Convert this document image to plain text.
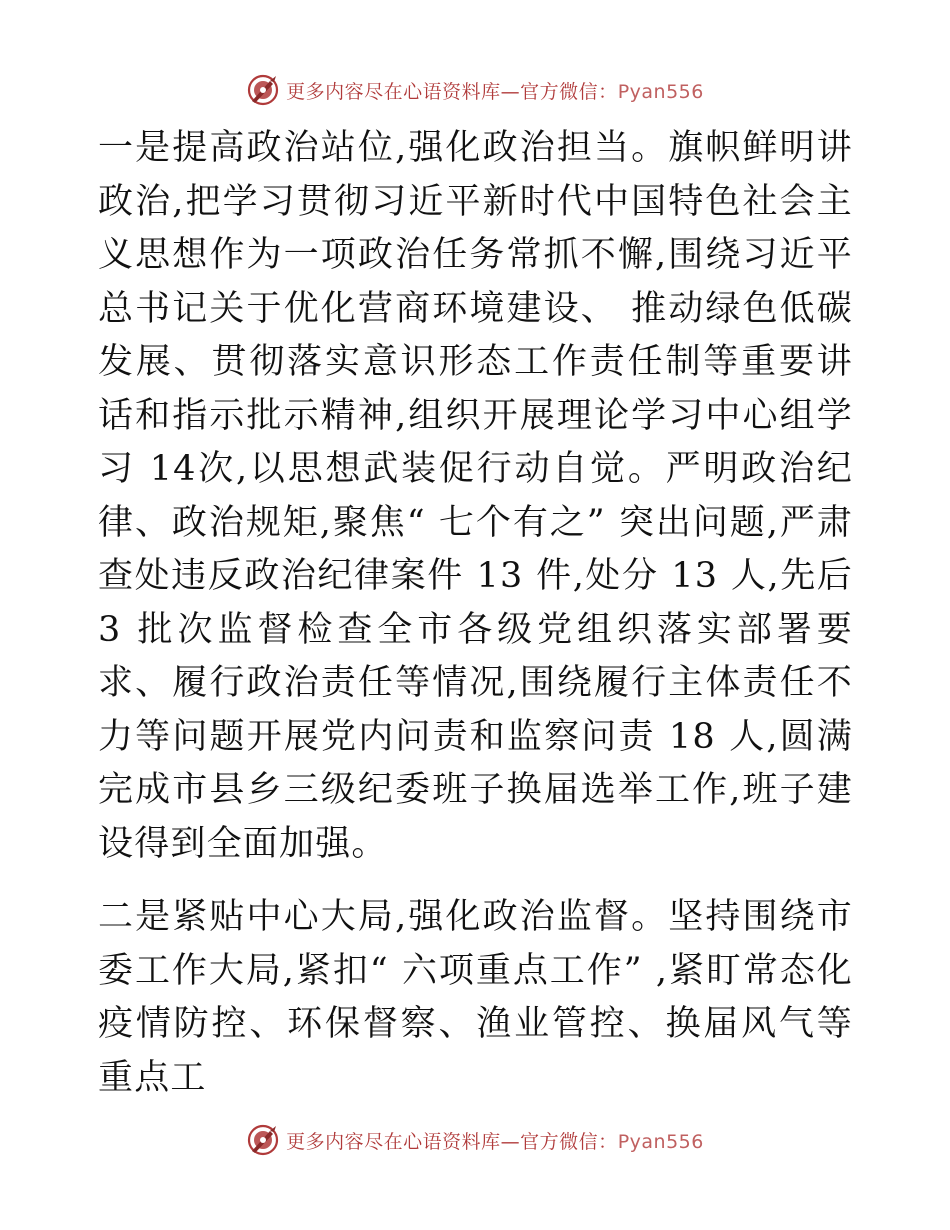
更多内容尽在心语资料库—官方微信：Pyan556

一是提高政治站位,强化政治担当。旗帜鲜明讲政治,把学习贯彻习近平新时代中国特色社会主义思想作为一项政治任务常抓不懈,围绕习近平总书记关于优化营商环境建设、 推动绿色低碳发展、贯彻落实意识形态工作责任制等重要讲话和指示批示精神,组织开展理论学习中心组学习 14次,以思想武装促行动自觉。严明政治纪律、政治规矩,聚焦“ 七个有之” 突出问题,严肃查处违反政治纪律案件 13 件,处分 13 人,先后 3 批次监督检查全市各级党组织落实部署要求、履行政治责任等情况,围绕履行主体责任不力等问题开展党内问责和监察问责 18 人,圆满完成市县乡三级纪委班子换届选举工作,班子建设得到全面加强。

二是紧贴中心大局,强化政治监督。坚持围绕市委工作大局,紧扣“ 六项重点工作” ,紧盯常态化疫情防控、环保督察、渔业管控、换届风气等重点工

更多内容尽在心语资料库—官方微信：Pyan556
